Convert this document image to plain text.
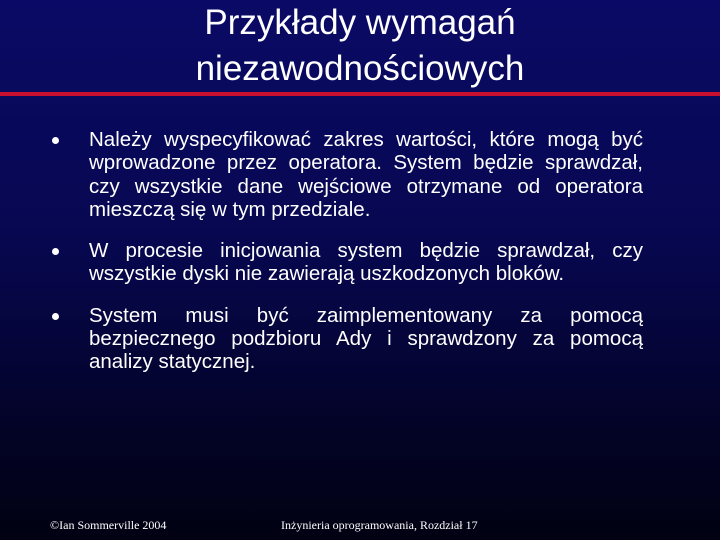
Przykłady wymagań
niezawodnościowych
Należy wyspecyfikować zakres wartości, które mogą być wprowadzone przez operatora. System będzie sprawdzał, czy wszystkie dane wejściowe otrzymane od operatora mieszczą się w tym przedziale.
W procesie inicjowania system będzie sprawdzał, czy wszystkie dyski nie zawierają uszkodzonych bloków.
System musi być zaimplementowany za pomocą bezpiecznego podzbioru Ady i sprawdzony za pomocą analizy statycznej.
©Ian Sommerville 2004	Inżynieria oprogramowania, Rozdział 17
